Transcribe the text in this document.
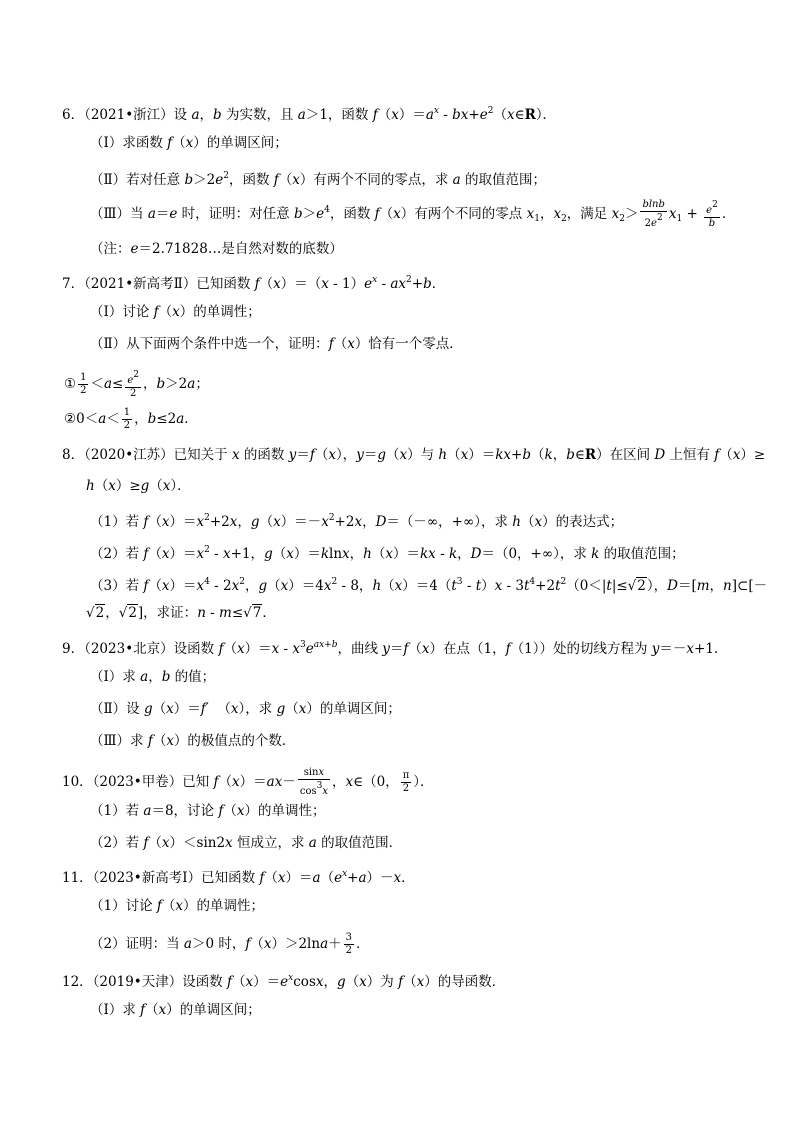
6．（2021•浙江）设 a，b 为实数，且 a＞1，函数 $f(x)=a^x$ - $bx+e^2(x\in R)$．
（Ⅰ）求函数 f（x）的单调区间；
（Ⅱ）若对任意 $b>2e^2$，函数 f（x）有两个不同的零点，求 a 的取值范围；
（Ⅲ）当 a＝e 时，证明：对任意 $b>e^4$，函数 f（x）有两个不同的零点 $x_1$，$x_2$，满足 $x_2> \frac{blnb}{2e^2} x_1 + \frac{e^2}{b}$ ．
（注：e＝2.71828…是自然对数的底数）
7．（2021•新高考Ⅱ）已知函数 $f(x)=(x - 1)e^x - ax^2+b$．
（Ⅰ）讨论 f（x）的单调性；
（Ⅱ）从下面两个条件中选一个，证明：f（x）恰有一个零点．
① $\frac{1}{2} <a\le \frac{e^2}{2}$ ，b＞2a；
②0＜a＜ $\frac{1}{2}$ ，b≤2a．
8．（2020•江苏）已知关于 x 的函数 y＝f（x），y＝g（x）与 h（x）＝kx+b（k，b∈R）在区间 D 上恒有 f（x）≥
h（x）≥g（x）．
（1）若 $f(x)=x^2+2x$，$g(x)=-x^2+2x$，D＝（－∞，+∞），求 h（x）的表达式；
（2）若 $f(x)=x^2 - x+1$，g（x）＝klnx，h（x）＝kx - k，D＝（0，+∞），求 k 的取值范围；
（3）若 $f(x)=x^4 - 2x^2$，$g(x)=4x^2 - 8$，$h(x)=4(t^3 - t)x - 3t^4+2t^2(0<|t|\le√2)$，D＝[m，n]⊂[－
√2，√2]，求证：n - m≤√7．
9．（2023•北京）设函数 $f(x)=x - x^3e^{ax+b}$，曲线 y＝f（x）在点（1，f（1））处的切线方程为 y＝－x+1．
（Ⅰ）求 a，b 的值；
（Ⅱ）设 g（x）＝f′  （x），求 g（x）的单调区间；
（Ⅲ）求 f（x）的极值点的个数．
10．（2023•甲卷）已知 $f(x)=ax- \frac{\sin x}{\cos^3x}$ ，x∈（0， $\frac{\pi}{2}$ ）．
（1）若 a＝8，讨论 f（x）的单调性；
（2）若 f（x）＜sin2x 恒成立，求 a 的取值范围．
11．（2023•新高考Ⅰ）已知函数 $f(x)=a(e^x+a)-x$．
（1）讨论 f（x）的单调性；
（2）证明：当 a＞0 时，$f(x)>2\ln a+ \frac{3}{2}$ ．
12．（2019•天津）设函数 $f(x)=e^x\cos x$，g（x）为 f（x）的导函数．
（Ⅰ）求 f（x）的单调区间；
